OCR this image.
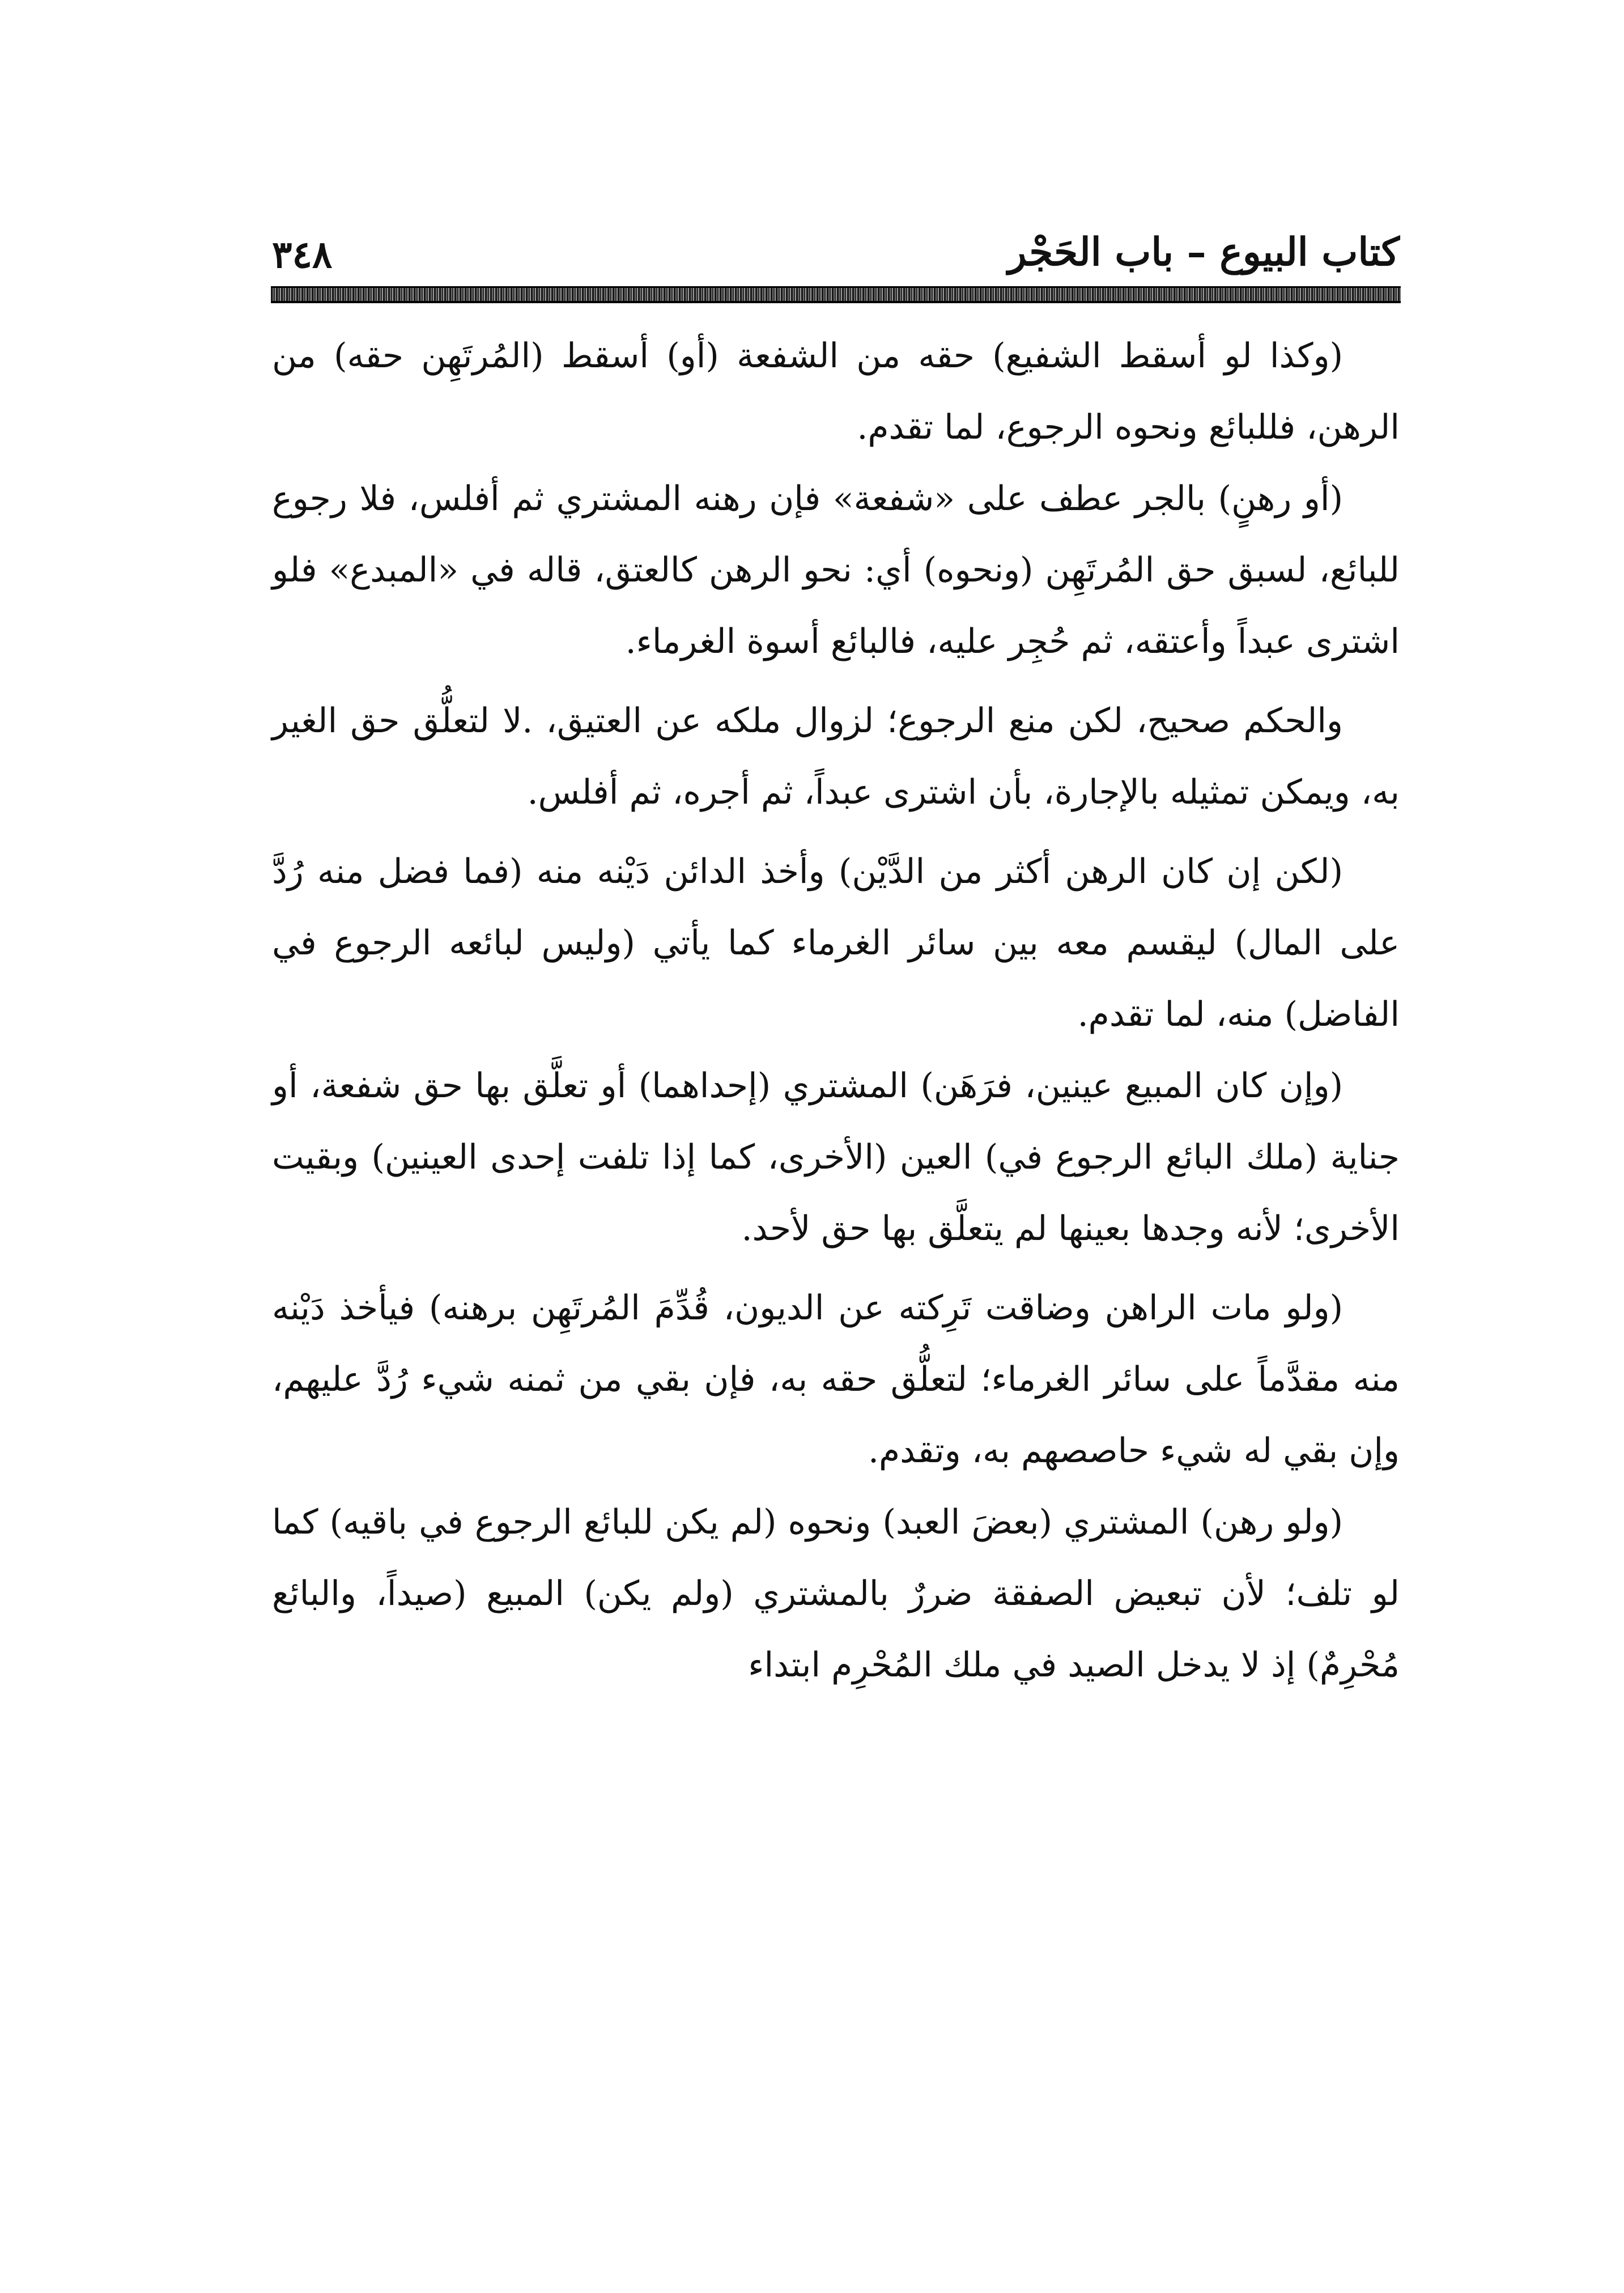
كتاب البيوع – باب الحَجْر
٣٤٨

(وكذا لو أسقط الشفيع) حقه من الشفعة (أو) أسقط (المُرتَهِن حقه) من الرهن، فللبائع ونحوه الرجوع، لما تقدم.

(أو رهنٍ) بالجر عطف على «شفعة» فإن رهنه المشتري ثم أفلس، فلا رجوع للبائع، لسبق حق المُرتَهِن (ونحوه) أي: نحو الرهن كالعتق، قاله في «المبدع» فلو اشترى عبداً وأعتقه، ثم حُجِر عليه، فالبائع أسوة الغرماء.

والحكم صحيح، لكن منع الرجوع؛ لزوال ملكه عن العتيق، .لا لتعلُّق حق الغير به، ويمكن تمثيله بالإجارة، بأن اشترى عبداً، ثم أجره، ثم أفلس.

(لكن إن كان الرهن أكثر من الدَّيْن) وأخذ الدائن دَيْنه منه (فما فضل منه رُدَّ على المال) ليقسم معه بين سائر الغرماء كما يأتي (وليس لبائعه الرجوع في الفاضل) منه، لما تقدم.

(وإن كان المبيع عينين، فرَهَن) المشتري (إحداهما) أو تعلَّق بها حق شفعة، أو جناية (ملك البائع الرجوع في) العين (الأخرى، كما إذا تلفت إحدى العينين) وبقيت الأخرى؛ لأنه وجدها بعينها لم يتعلَّق بها حق لأحد.

(ولو مات الراهن وضاقت تَرِكته عن الديون، قُدِّمَ المُرتَهِن برهنه) فيأخذ دَيْنه منه مقدَّماً على سائر الغرماء؛ لتعلُّق حقه به، فإن بقي من ثمنه شيء رُدَّ عليهم، وإن بقي له شيء حاصصهم به، وتقدم.

(ولو رهن) المشتري (بعضَ العبد) ونحوه (لم يكن للبائع الرجوع في باقيه) كما لو تلف؛ لأن تبعيض الصفقة ضررٌ بالمشتري (ولم يكن) المبيع (صيداً، والبائع مُحْرِمٌ) إذ لا يدخل الصيد في ملك المُحْرِم ابتداء
